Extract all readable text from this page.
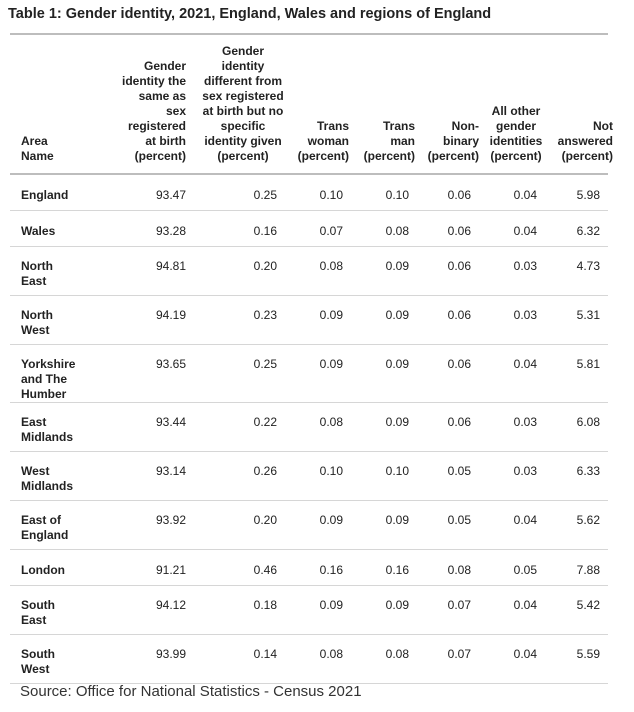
Table 1: Gender identity, 2021, England, Wales and regions of England
Area Name	Gender identity the same as sex registered at birth (percent)	Gender identity different from sex registered at birth but no specific identity given (percent)	Trans woman (percent)	Trans man (percent)	Non-binary (percent)	All other gender identities (percent)	Not answered (percent)

England	93.47	0.25	0.10	0.10	0.06	0.04	5.98

Wales	93.28	0.16	0.07	0.08	0.06	0.04	6.32

North East	94.81	0.20	0.08	0.09	0.06	0.03	4.73

North West	94.19	0.23	0.09	0.09	0.06	0.03	5.31

Yorkshire and The Humber	93.65	0.25	0.09	0.09	0.06	0.04	5.81

East Midlands	93.44	0.22	0.08	0.09	0.06	0.03	6.08

West Midlands	93.14	0.26	0.10	0.10	0.05	0.03	6.33

East of England	93.92	0.20	0.09	0.09	0.05	0.04	5.62

London	91.21	0.46	0.16	0.16	0.08	0.05	7.88

South East	94.12	0.18	0.09	0.09	0.07	0.04	5.42

South West	93.99	0.14	0.08	0.08	0.07	0.04	5.59
Source: Office for National Statistics - Census 2021
